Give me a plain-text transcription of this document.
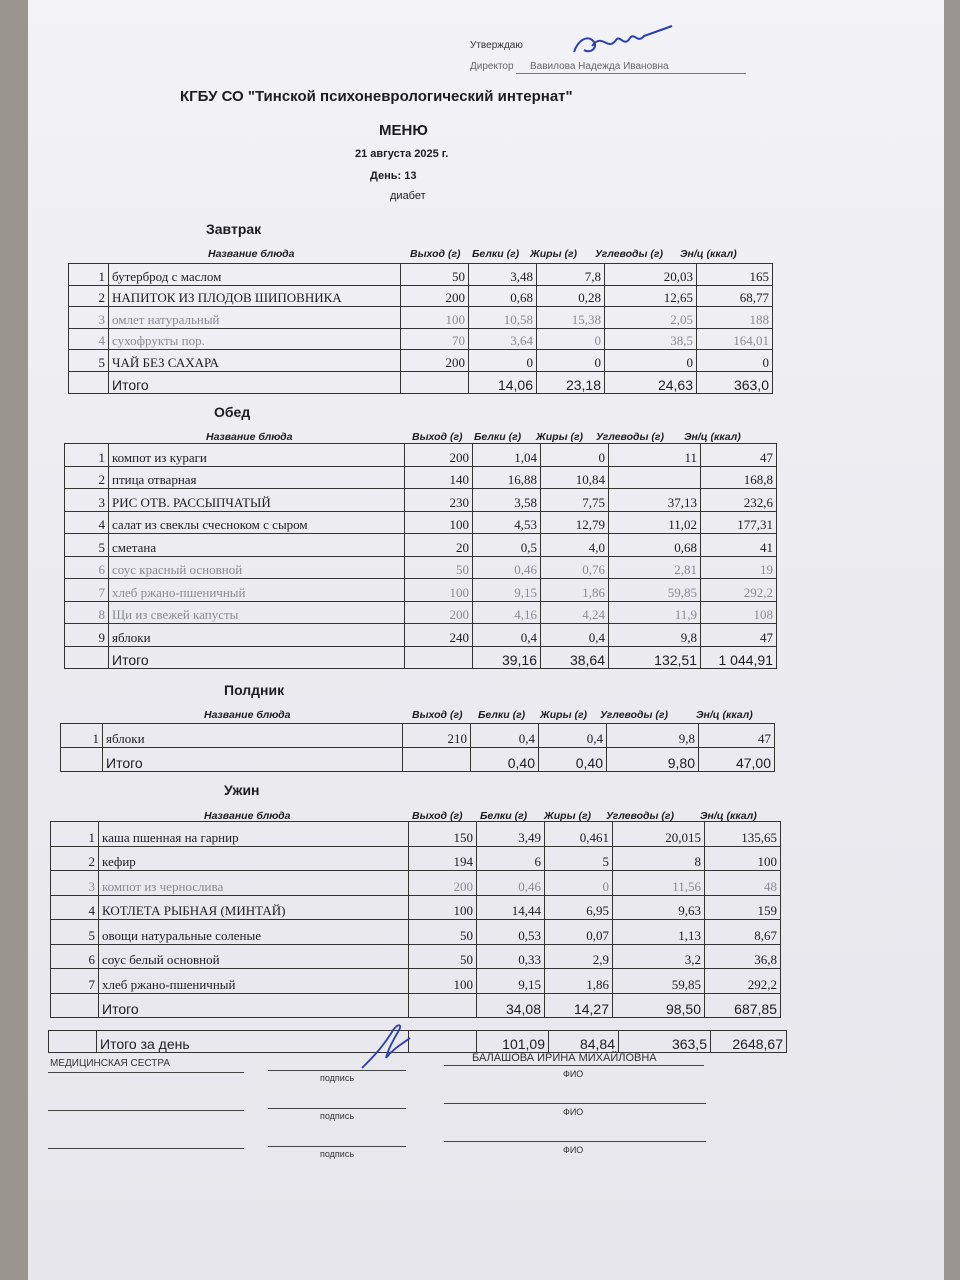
Утверждаю
Директор Вавилова Надежда Ивановна
КГБУ СО "Тинской психоневрологический интернат"
МЕНЮ
21 августа 2025 г.
День: 13
диабет
Завтрак
Название блюда	Выход (г) Белки (г) Жиры (г) Углеводы (г) Эн/ц (ккал)
1	бутерброд с маслом	50	3,48	7,8	20,03	165
2	НАПИТОК ИЗ ПЛОДОВ ШИПОВНИКА	200	0,68	0,28	12,65	68,77
3	омлет натуральный	100	10,58	15,38	2,05	188
4	сухофрукты пор.	70	3,64	0	38,5	164,01
5	ЧАЙ БЕЗ САХАРА	200	0	0	0	0
	Итого		14,06	23,18	24,63	363,0
Обед
Название блюда	Выход (г) Белки (г) Жиры (г) Углеводы (г) Эн/ц (ккал)
1	компот из кураги	200	1,04	0	11	47
2	птица отварная	140	16,88	10,84		168,8
3	РИС ОТВ. РАССЫПЧАТЫЙ	230	3,58	7,75	37,13	232,6
4	салат из свеклы счесноком с сыром	100	4,53	12,79	11,02	177,31
5	сметана	20	0,5	4,0	0,68	41
6	соус красный основной	50	0,46	0,76	2,81	19
7	хлеб ржано-пшеничный	100	9,15	1,86	59,85	292,2
8	Щи из свежей капусты	200	4,16	4,24	11,9	108
9	яблоки	240	0,4	0,4	9,8	47
	Итого		39,16	38,64	132,51	1 044,91
Полдник
Название блюда	Выход (г) Белки (г) Жиры (г) Углеводы (г)	Эн/ц (ккал)
1	яблоки	210	0,4	0,4	9,8	47
	Итого		0,40	0,40	9,80	47,00
Ужин
Название блюда	Выход (г) Белки (г) Жиры (г) Углеводы (г) Эн/ц (ккал)
1	каша пшенная на гарнир	150	3,49	0,461	20,015	135,65
2	кефир	194	6	5	8	100
3	компот из чернослива	200	0,46	0	11,56	48
4	КОТЛЕТА РЫБНАЯ (МИНТАЙ)	100	14,44	6,95	9,63	159
5	овощи натуральные соленые	50	0,53	0,07	1,13	8,67
6	соус белый основной	50	0,33	2,9	3,2	36,8
7	хлеб ржано-пшеничный	100	9,15	1,86	59,85	292,2
	Итого		34,08	14,27	98,50	687,85
	Итого за день		101,09	84,84	363,5	2648,67
МЕДИЦИНСКАЯ СЕСТРА
подпись
БАЛАШОВА ИРИНА МИХАЙЛОВНА
ФИО
подпись	ФИО
подпись	ФИО
